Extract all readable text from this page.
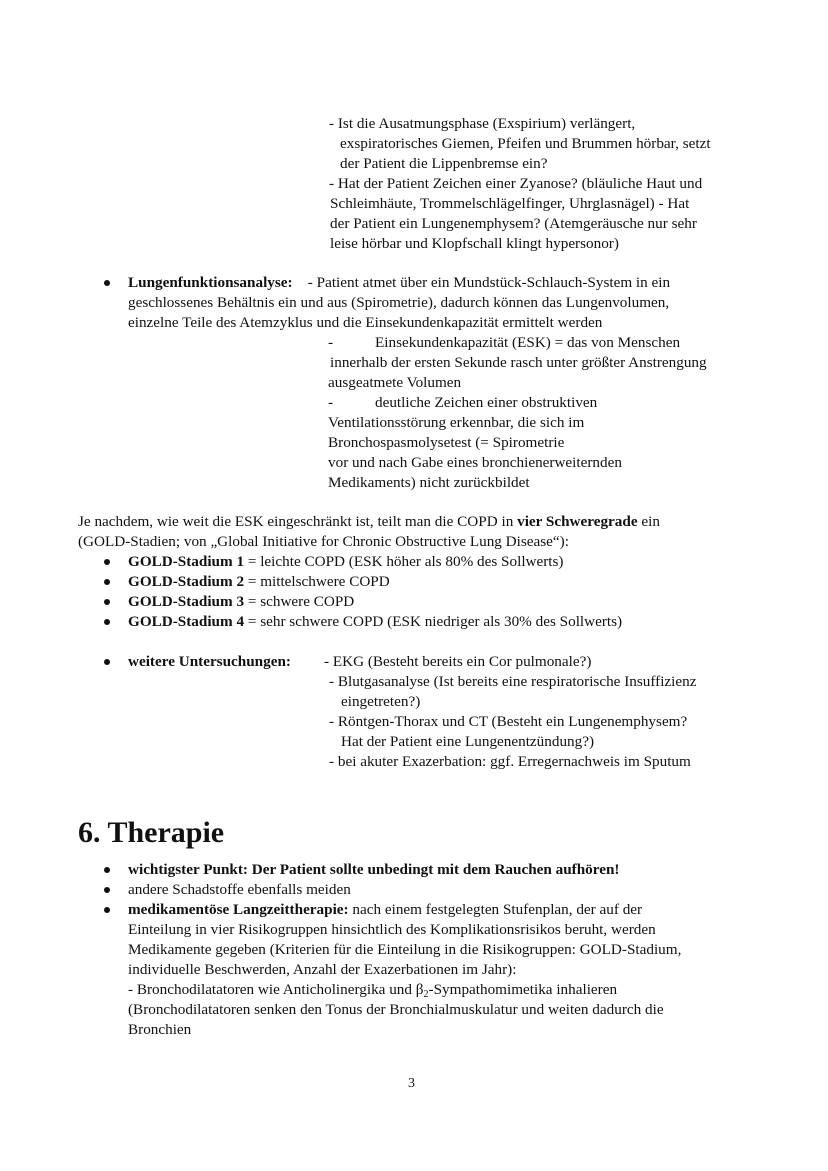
- Ist die Ausatmungsphase (Exspirium) verlängert,
exspiratorisches Giemen, Pfeifen und Brummen hörbar, setzt
der Patient die Lippenbremse ein?
- Hat der Patient Zeichen einer Zyanose? (bläuliche Haut und
Schleimhäute, Trommelschlägelfinger, Uhrglasnägel) - Hat
der Patient ein Lungenemphysem? (Atemgeräusche nur sehr
leise hörbar und Klopfschall klingt hypersonor)
Lungenfunktionsanalyse: - Patient atmet über ein Mundstück-Schlauch-System in ein
geschlossenes Behältnis ein und aus (Spirometrie), dadurch können das Lungenvolumen,
einzelne Teile des Atemzyklus und die Einsekundenkapazität ermittelt werden
-	Einsekundenkapazität (ESK) = das von Menschen
innerhalb der ersten Sekunde rasch unter größter Anstrengung
ausgeatmete Volumen
-	deutliche Zeichen einer obstruktiven
Ventilationsstörung erkennbar, die sich im
Bronchospasmolysetest (= Spirometrie
vor und nach Gabe eines bronchienerweiternden
Medikaments) nicht zurückbildet
Je nachdem, wie weit die ESK eingeschränkt ist, teilt man die COPD in vier Schweregrade ein
(GOLD-Stadien; von „Global Initiative for Chronic Obstructive Lung Disease“):
GOLD-Stadium 1 = leichte COPD (ESK höher als 80% des Sollwerts)
GOLD-Stadium 2 = mittelschwere COPD
GOLD-Stadium 3 = schwere COPD
GOLD-Stadium 4 = sehr schwere COPD (ESK niedriger als 30% des Sollwerts)
weitere Untersuchungen: - EKG (Besteht bereits ein Cor pulmonale?)
- Blutgasanalyse (Ist bereits eine respiratorische Insuffizienz
eingetreten?)
- Röntgen-Thorax und CT (Besteht ein Lungenemphysem?
Hat der Patient eine Lungenentzündung?)
- bei akuter Exazerbation: ggf. Erregernachweis im Sputum
6. Therapie
wichtigster Punkt: Der Patient sollte unbedingt mit dem Rauchen aufhören!
andere Schadstoffe ebenfalls meiden
medikamentöse Langzeittherapie: nach einem festgelegten Stufenplan, der auf der
Einteilung in vier Risikogruppen hinsichtlich des Komplikationsrisikos beruht, werden
Medikamente gegeben (Kriterien für die Einteilung in die Risikogruppen: GOLD-Stadium,
individuelle Beschwerden, Anzahl der Exazerbationen im Jahr):
- Bronchodilatatoren wie Anticholinergika und β2-Sympathomimetika inhalieren
(Bronchodilatatoren senken den Tonus der Bronchialmuskulatur und weiten dadurch die
Bronchien
3
